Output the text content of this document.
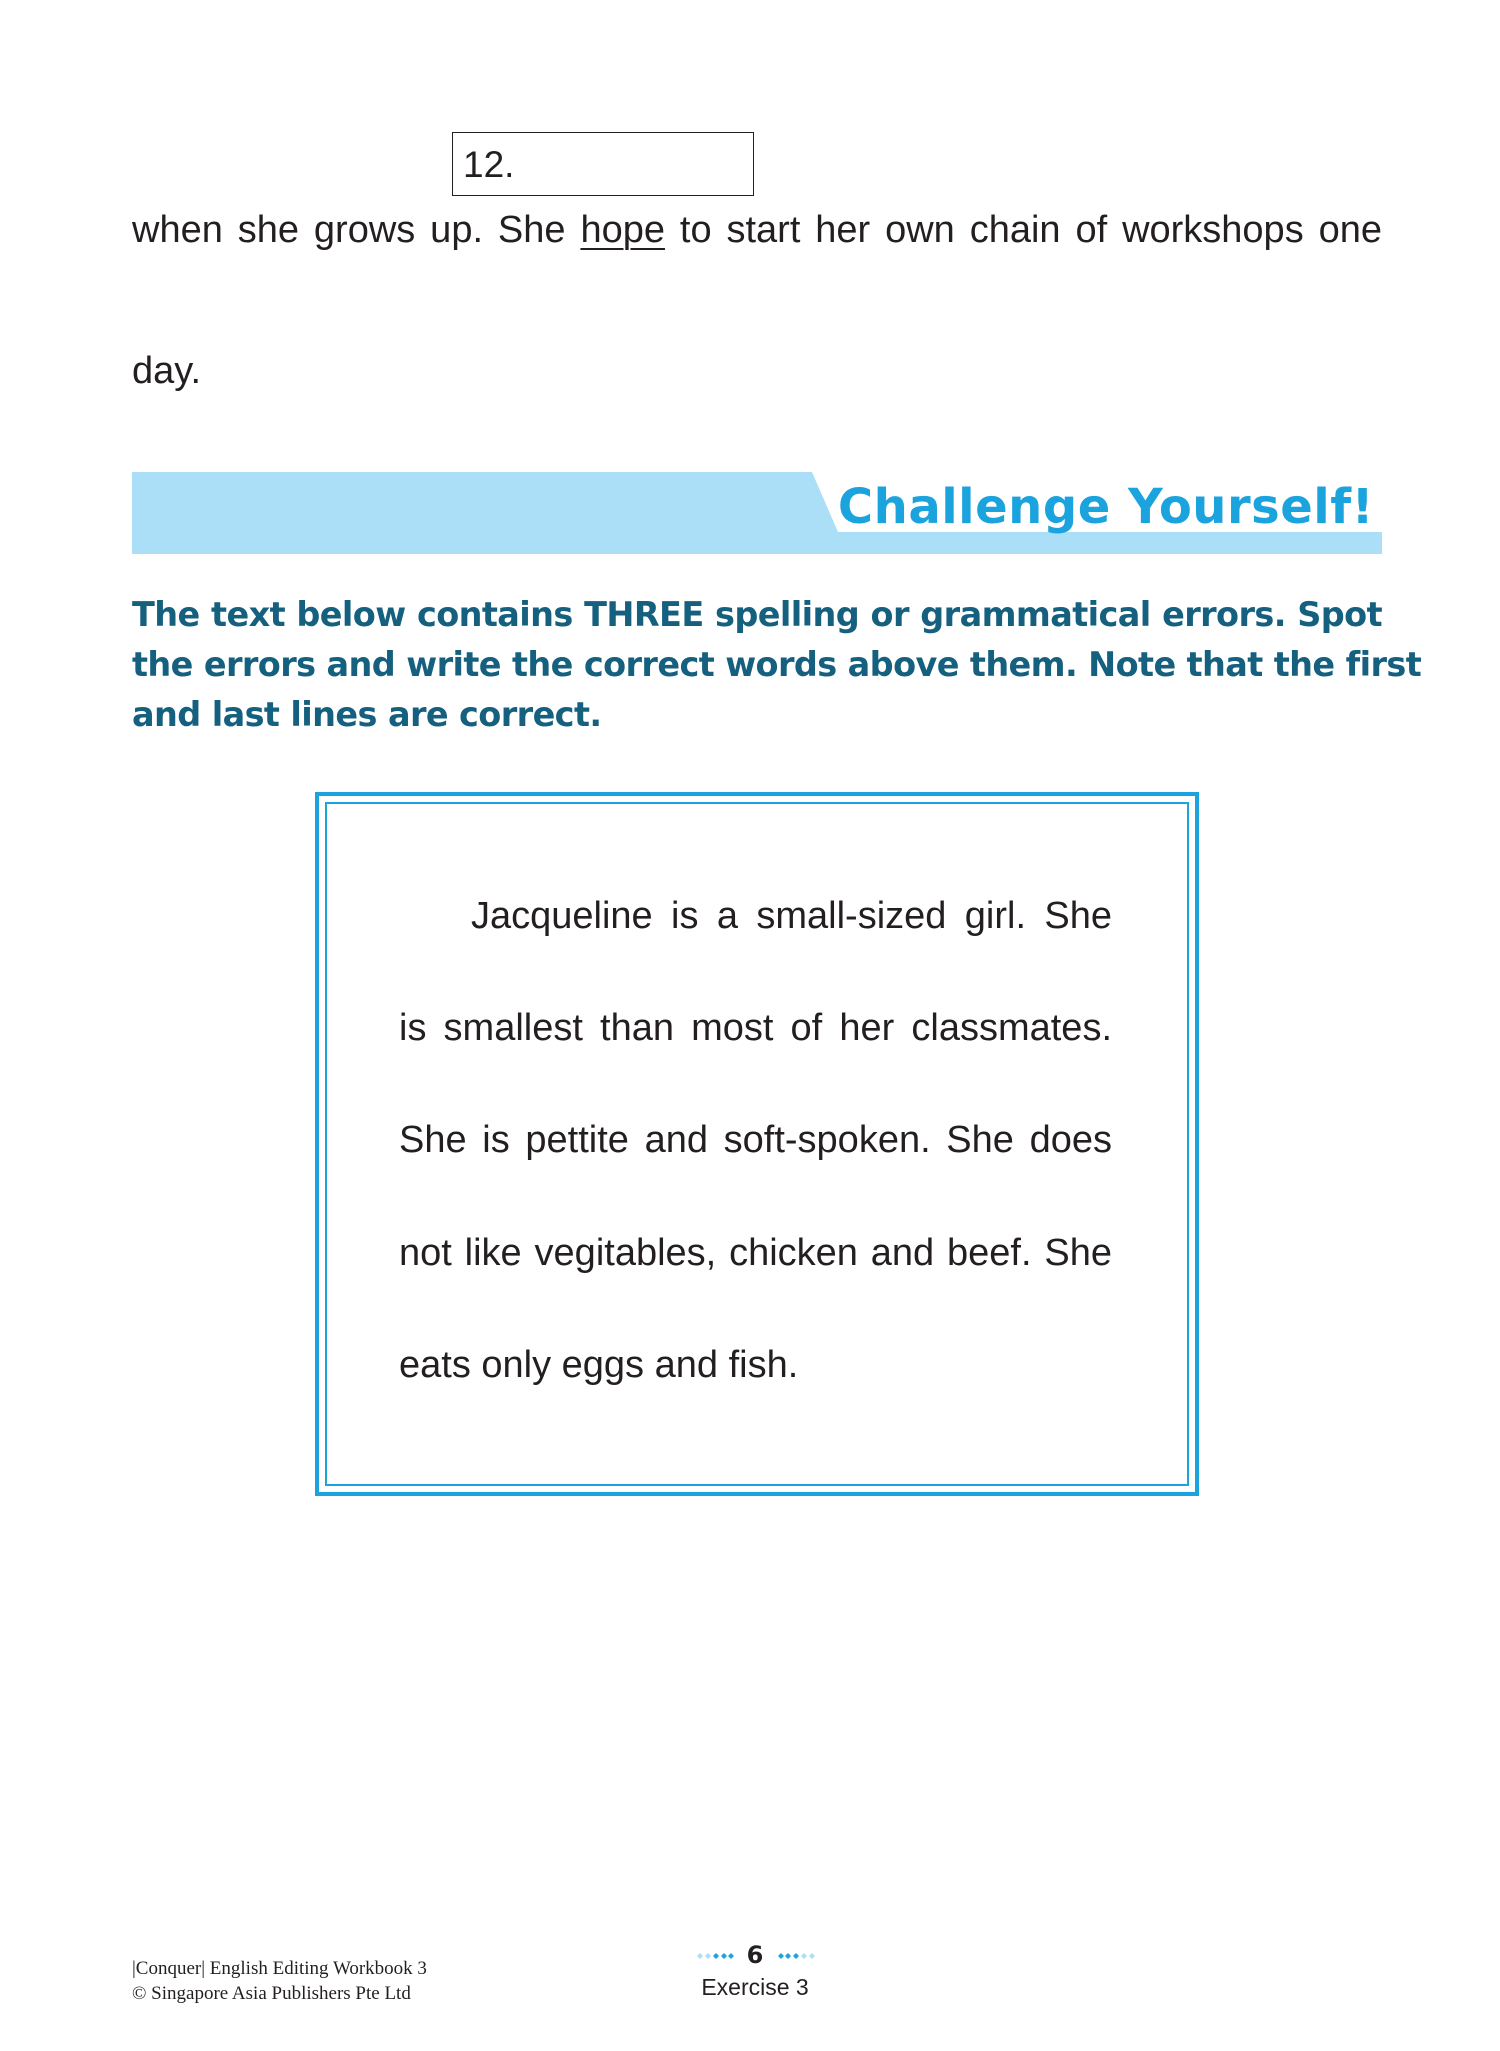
12.
when she grows up. She hope to start her own chain of workshops one
day.
Challenge Yourself!
The text below contains THREE spelling or grammatical errors. Spot
the errors and write the correct words above them. Note that the first
and last lines are correct.
Jacqueline is a small-sized girl. She
is smallest than most of her classmates.
She is pettite and soft-spoken. She does
not like vegitables, chicken and beef. She
eats only eggs and fish.
|Conquer| English Editing Workbook 3
© Singapore Asia Publishers Pte Ltd
6
Exercise 3
